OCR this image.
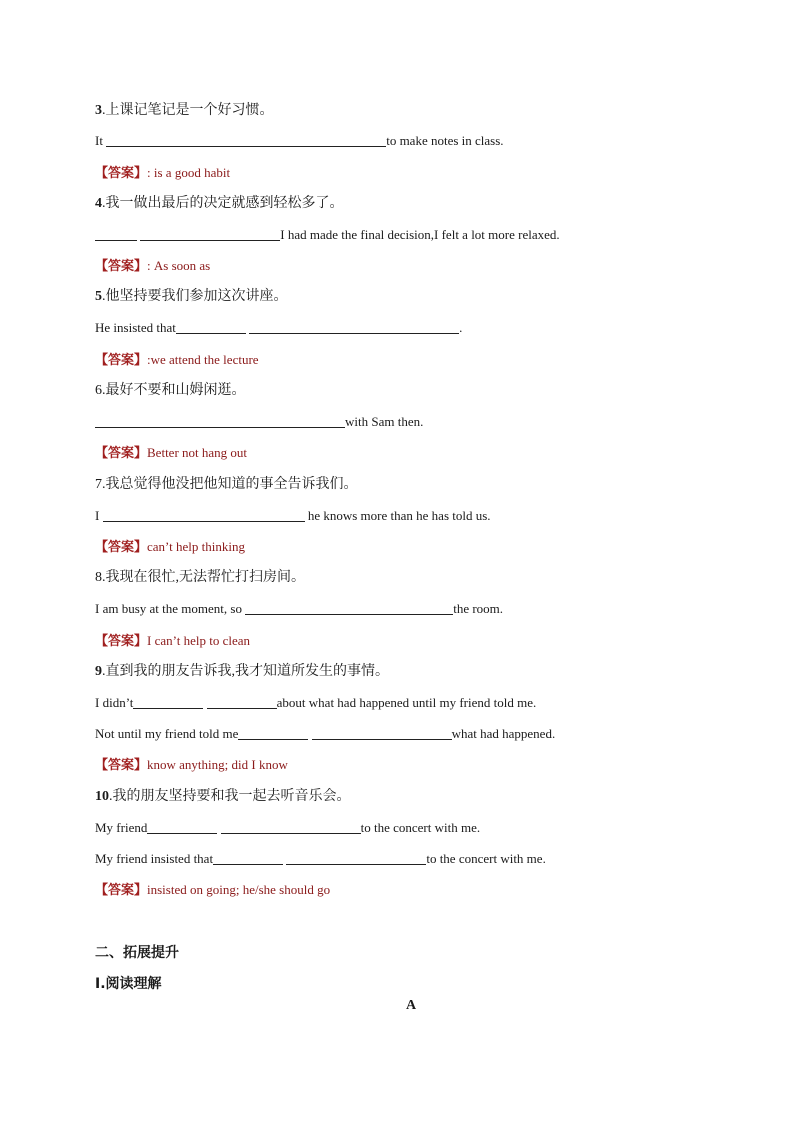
3.上课记笔记是一个好习惯。
It	to make notes in class.
【答案】: is a good habit
4.我一做出最后的决定就感到轻松多了。
I had made the final decision,I felt a lot more relaxed.
【答案】: As soon as
5.他坚持要我们参加这次讲座。
He insisted that	.
【答案】:we attend the lecture
6.最好不要和山姆闲逛。
with Sam then.
【答案】Better not hang out
7.我总觉得他没把他知道的事全告诉我们。
I	he knows more than he has told us.
【答案】can’t help thinking
8.我现在很忙,无法帮忙打扫房间。
I am busy at the moment, so	the room.
【答案】I can’t help to clean
9.直到我的朋友告诉我,我才知道所发生的事情。
I didn’t	about what had happened until my friend told me.
Not until my friend told me	what had happened.
【答案】know anything; did I know
10.我的朋友坚持要和我一起去听音乐会。
My friend	to the concert with me.
My friend insisted that	to the concert with me.
【答案】insisted on going; he/she should go
二、拓展提升
I.阅读理解
A
